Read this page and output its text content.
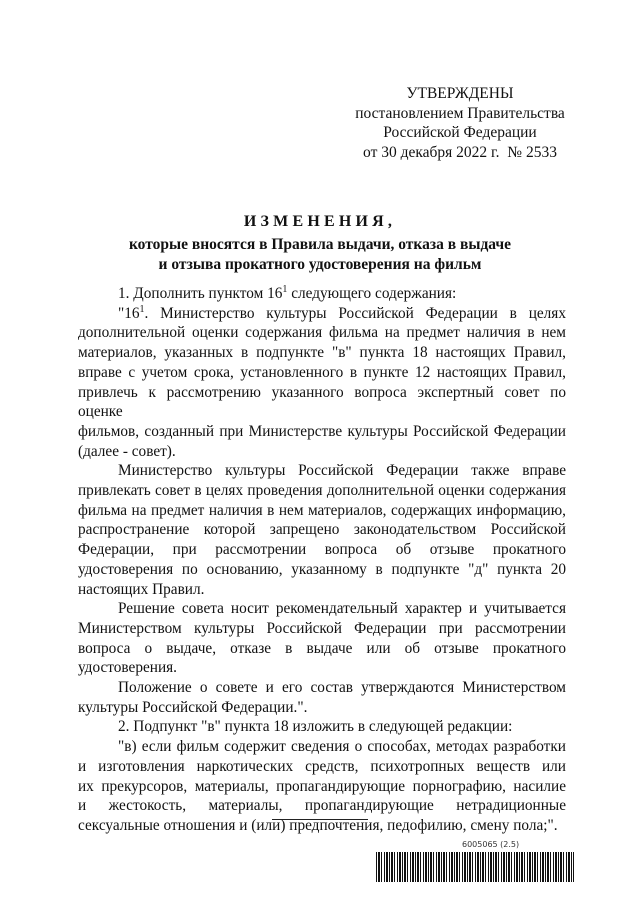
УТВЕРЖДЕНЫ
постановлением Правительства
Российской Федерации
от 30 декабря 2022 г.  № 2533
ИЗМЕНЕНИЯ,
которые вносятся в Правила выдачи, отказа в выдаче
и отзыва прокатного удостоверения на фильм
1. Дополнить пунктом $16^1$ следующего содержания:
"$16^1$. Министерство культуры Российской Федерации в целях
дополнительной оценки содержания фильма на предмет наличия в нем
материалов, указанных в подпункте "в" пункта 18 настоящих Правил,
вправе с учетом срока, установленного в пункте 12 настоящих Правил,
привлечь к рассмотрению указанного вопроса экспертный совет по оценке
фильмов, созданный при Министерстве культуры Российской Федерации
(далее - совет).
Министерство культуры Российской Федерации также вправе
привлекать совет в целях проведения дополнительной оценки содержания
фильма на предмет наличия в нем материалов, содержащих информацию,
распространение которой запрещено законодательством Российской
Федерации, при рассмотрении вопроса об отзыве прокатного
удостоверения по основанию, указанному в подпункте "д" пункта 20
настоящих Правил.
Решение совета носит рекомендательный характер и учитывается
Министерством культуры Российской Федерации при рассмотрении
вопроса о выдаче, отказе в выдаче или об отзыве прокатного
удостоверения.
Положение о совете и его состав утверждаются Министерством
культуры Российской Федерации.".
2. Подпункт "в" пункта 18 изложить в следующей редакции:
"в) если фильм содержит сведения о способах, методах разработки
и изготовления наркотических средств, психотропных веществ или
их прекурсоров, материалы, пропагандирующие порнографию, насилие
и жестокость, материалы, пропагандирующие нетрадиционные
сексуальные отношения и (или) предпочтения, педофилию, смену пола;".
6005065 (2.5)
